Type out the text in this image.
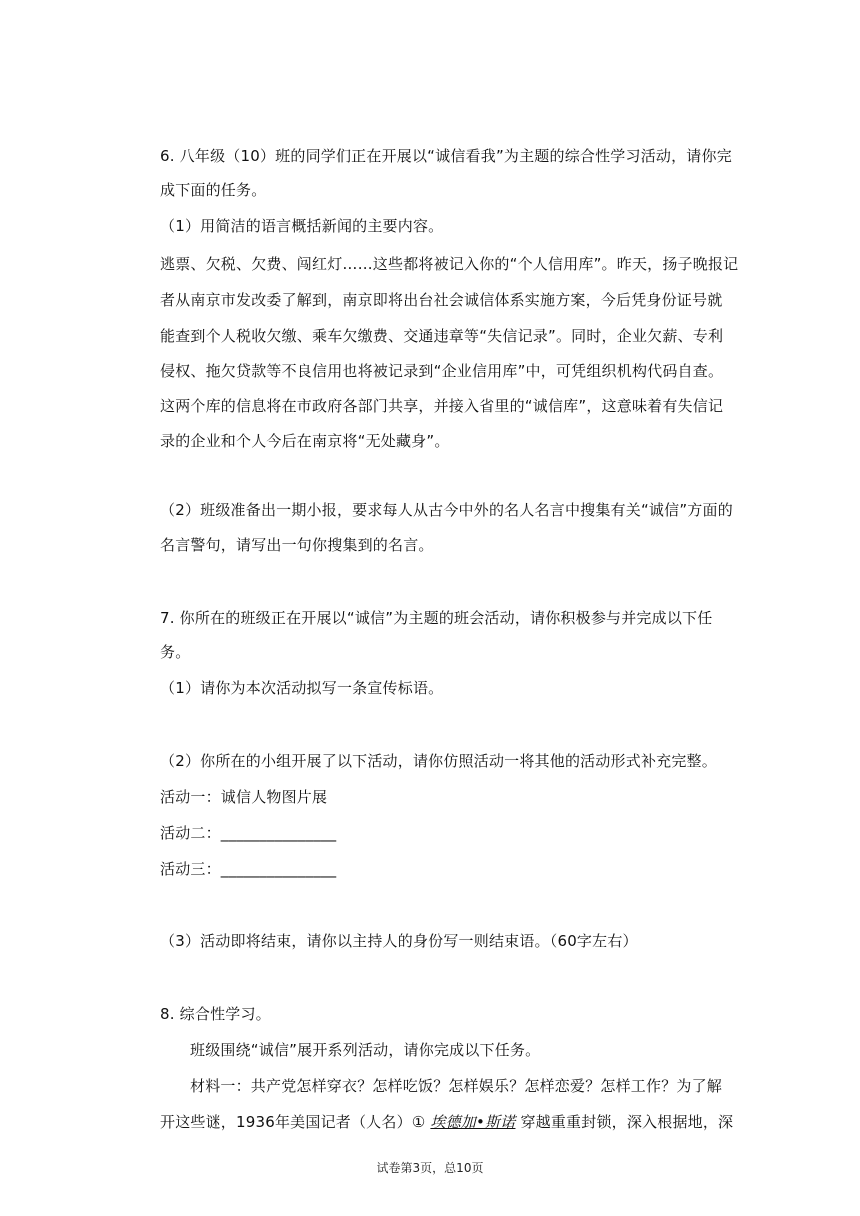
6. 八年级（10）班的同学们正在开展以“诚信看我”为主题的综合性学习活动，请你完
成下面的任务。
（1）用简洁的语言概括新闻的主要内容。
逃票、欠税、欠费、闯红灯……这些都将被记入你的“个人信用库”。昨天，扬子晚报记
者从南京市发改委了解到，南京即将出台社会诚信体系实施方案，今后凭身份证号就
能查到个人税收欠缴、乘车欠缴费、交通违章等“失信记录”。同时，企业欠薪、专利
侵权、拖欠贷款等不良信用也将被记录到“企业信用库”中，可凭组织机构代码自查。
这两个库的信息将在市政府各部门共享，并接入省里的“诚信库”，这意味着有失信记
录的企业和个人今后在南京将“无处藏身”。
（2）班级准备出一期小报，要求每人从古今中外的名人名言中搜集有关“诚信”方面的
名言警句，请写出一句你搜集到的名言。
7. 你所在的班级正在开展以“诚信”为主题的班会活动，请你积极参与并完成以下任
务。
（1）请你为本次活动拟写一条宣传标语。
（2）你所在的小组开展了以下活动，请你仿照活动一将其他的活动形式补充完整。
活动一：诚信人物图片展
活动二：_______________
活动三：_______________
（3）活动即将结束，请你以主持人的身份写一则结束语。（60字左右）
8. 综合性学习。
班级围绕“诚信”展开系列活动，请你完成以下任务。
材料一：共产党怎样穿衣？怎样吃饭？怎样娱乐？怎样恋爱？怎样工作？为了解
开这些谜，1936年美国记者（人名）① 埃德加•斯诺 穿越重重封锁，深入根据地，深
试卷第3页，总10页
